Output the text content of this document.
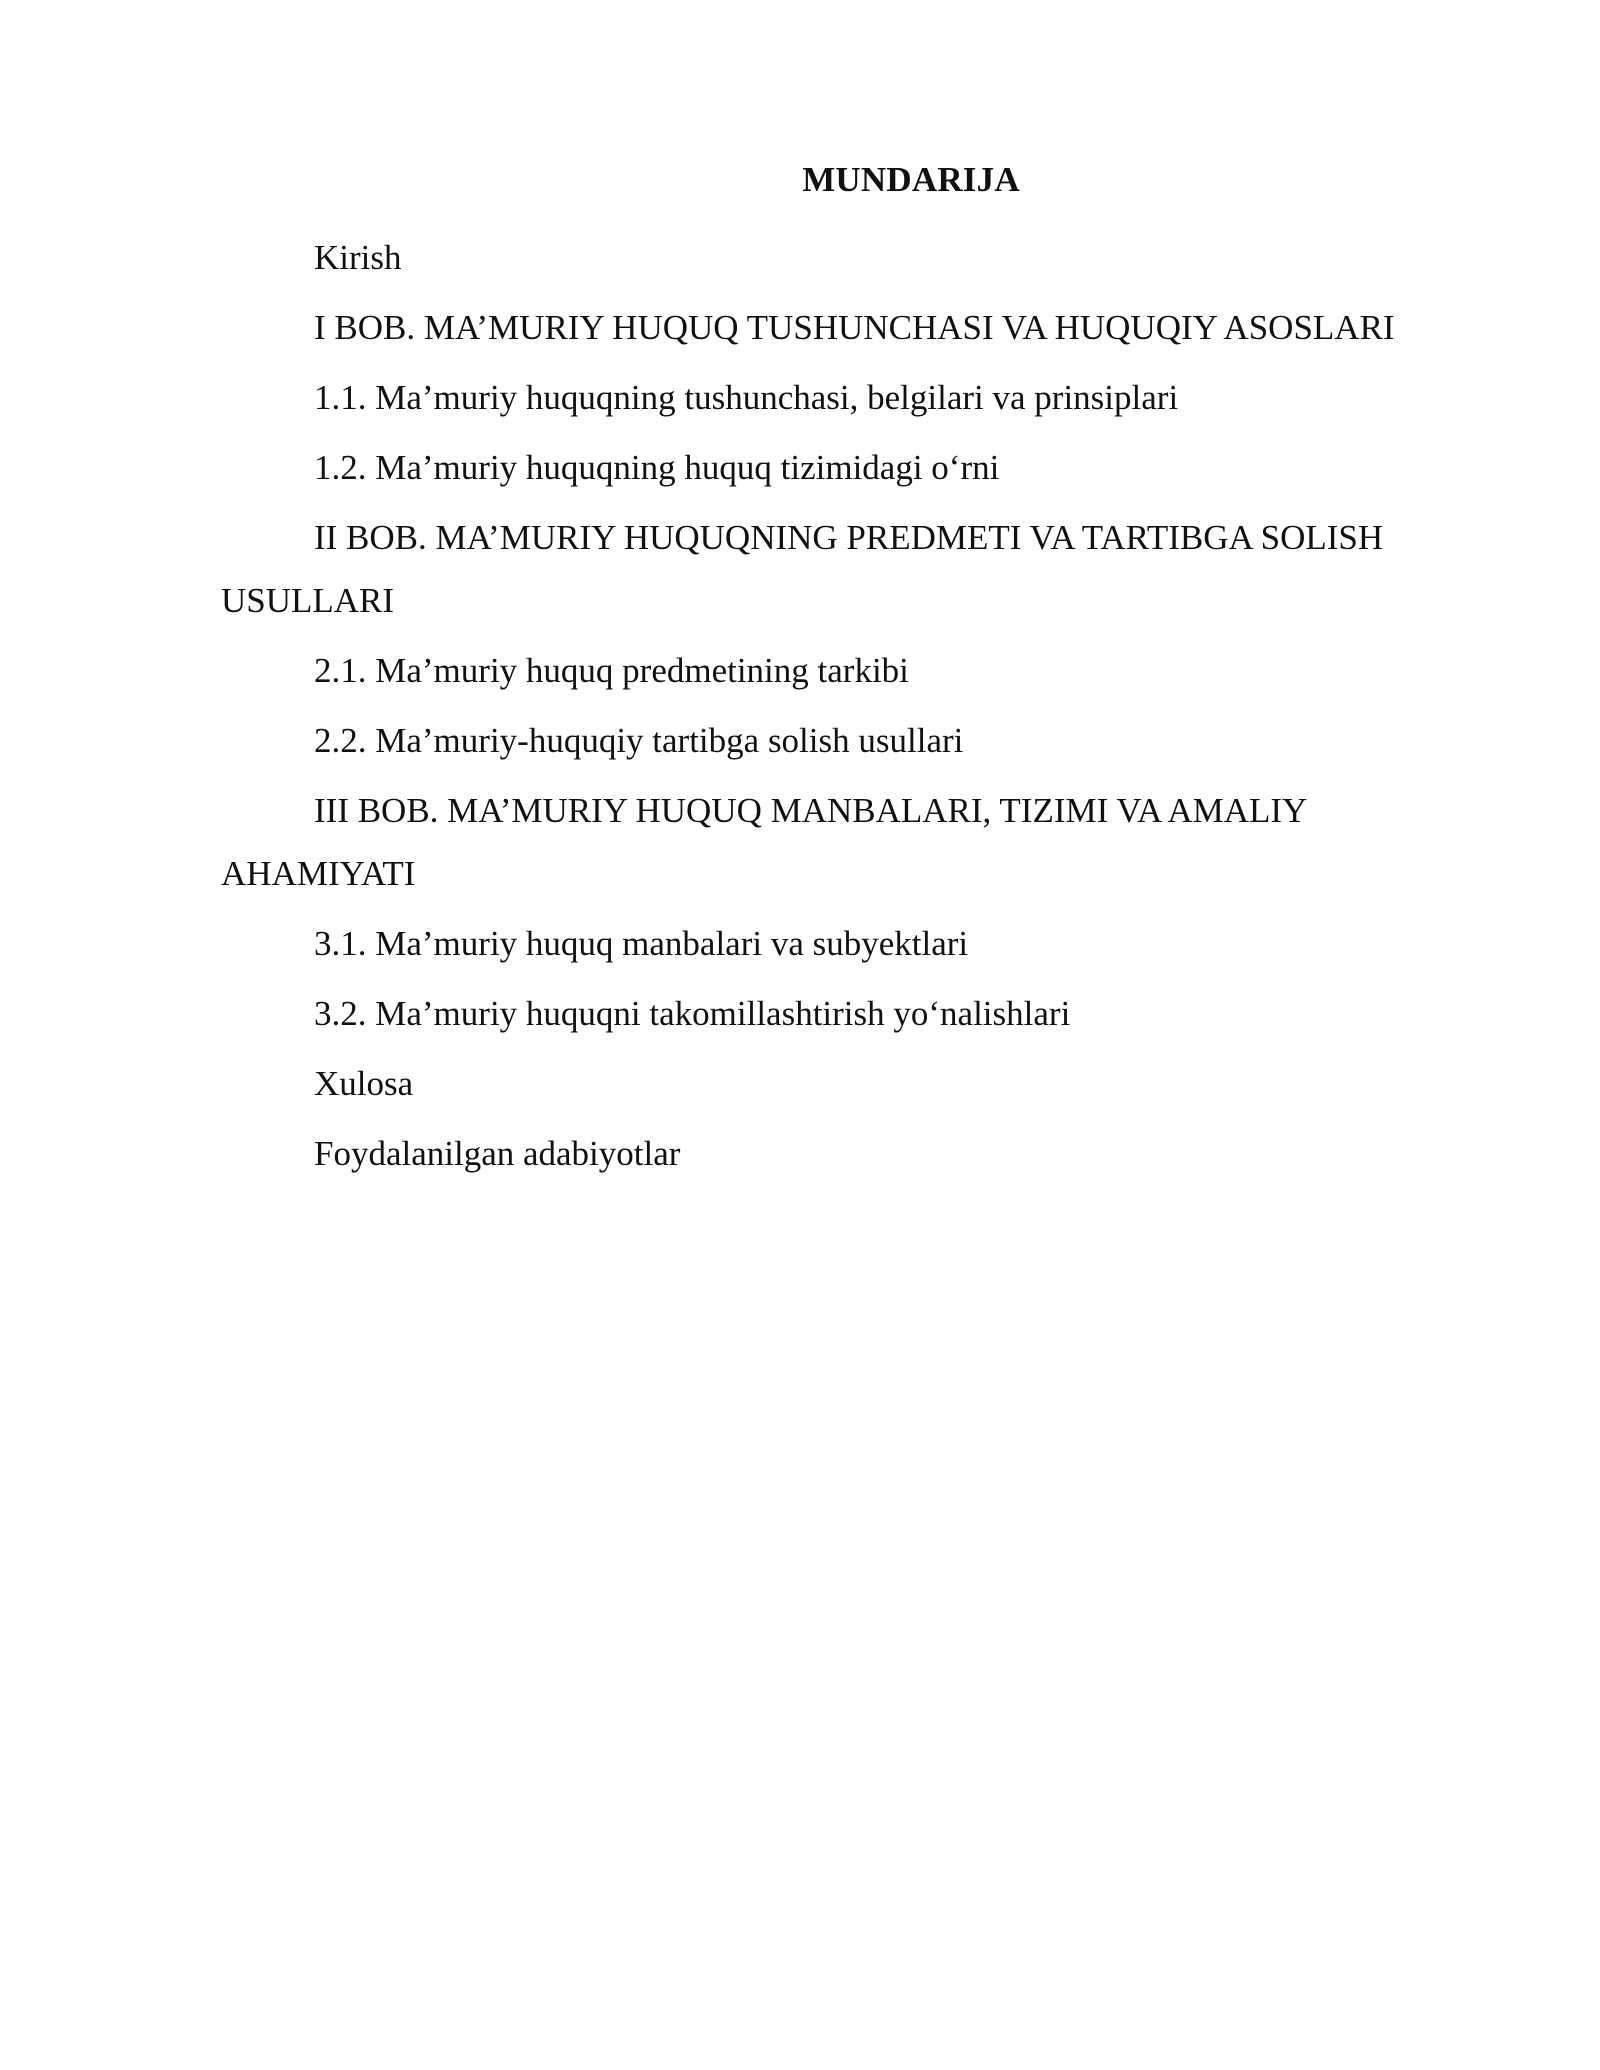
MUNDARIJA
Kirish
I BOB. MA’MURIY HUQUQ TUSHUNCHASI VA HUQUQIY ASOSLARI
1.1. Ma’muriy huquqning tushunchasi, belgilari va prinsiplari
1.2. Ma’muriy huquqning huquq tizimidagi o‘rni
II BOB. MA’MURIY HUQUQNING PREDMETI VA TARTIBGA SOLISH USULLARI
2.1. Ma’muriy huquq predmetining tarkibi
2.2. Ma’muriy-huquqiy tartibga solish usullari
III BOB. MA’MURIY HUQUQ MANBALARI, TIZIMI VA AMALIY AHAMIYATI
3.1. Ma’muriy huquq manbalari va subyektlari
3.2. Ma’muriy huquqni takomillashtirish yo‘nalishlari
Xulosa
Foydalanilgan adabiyotlar
